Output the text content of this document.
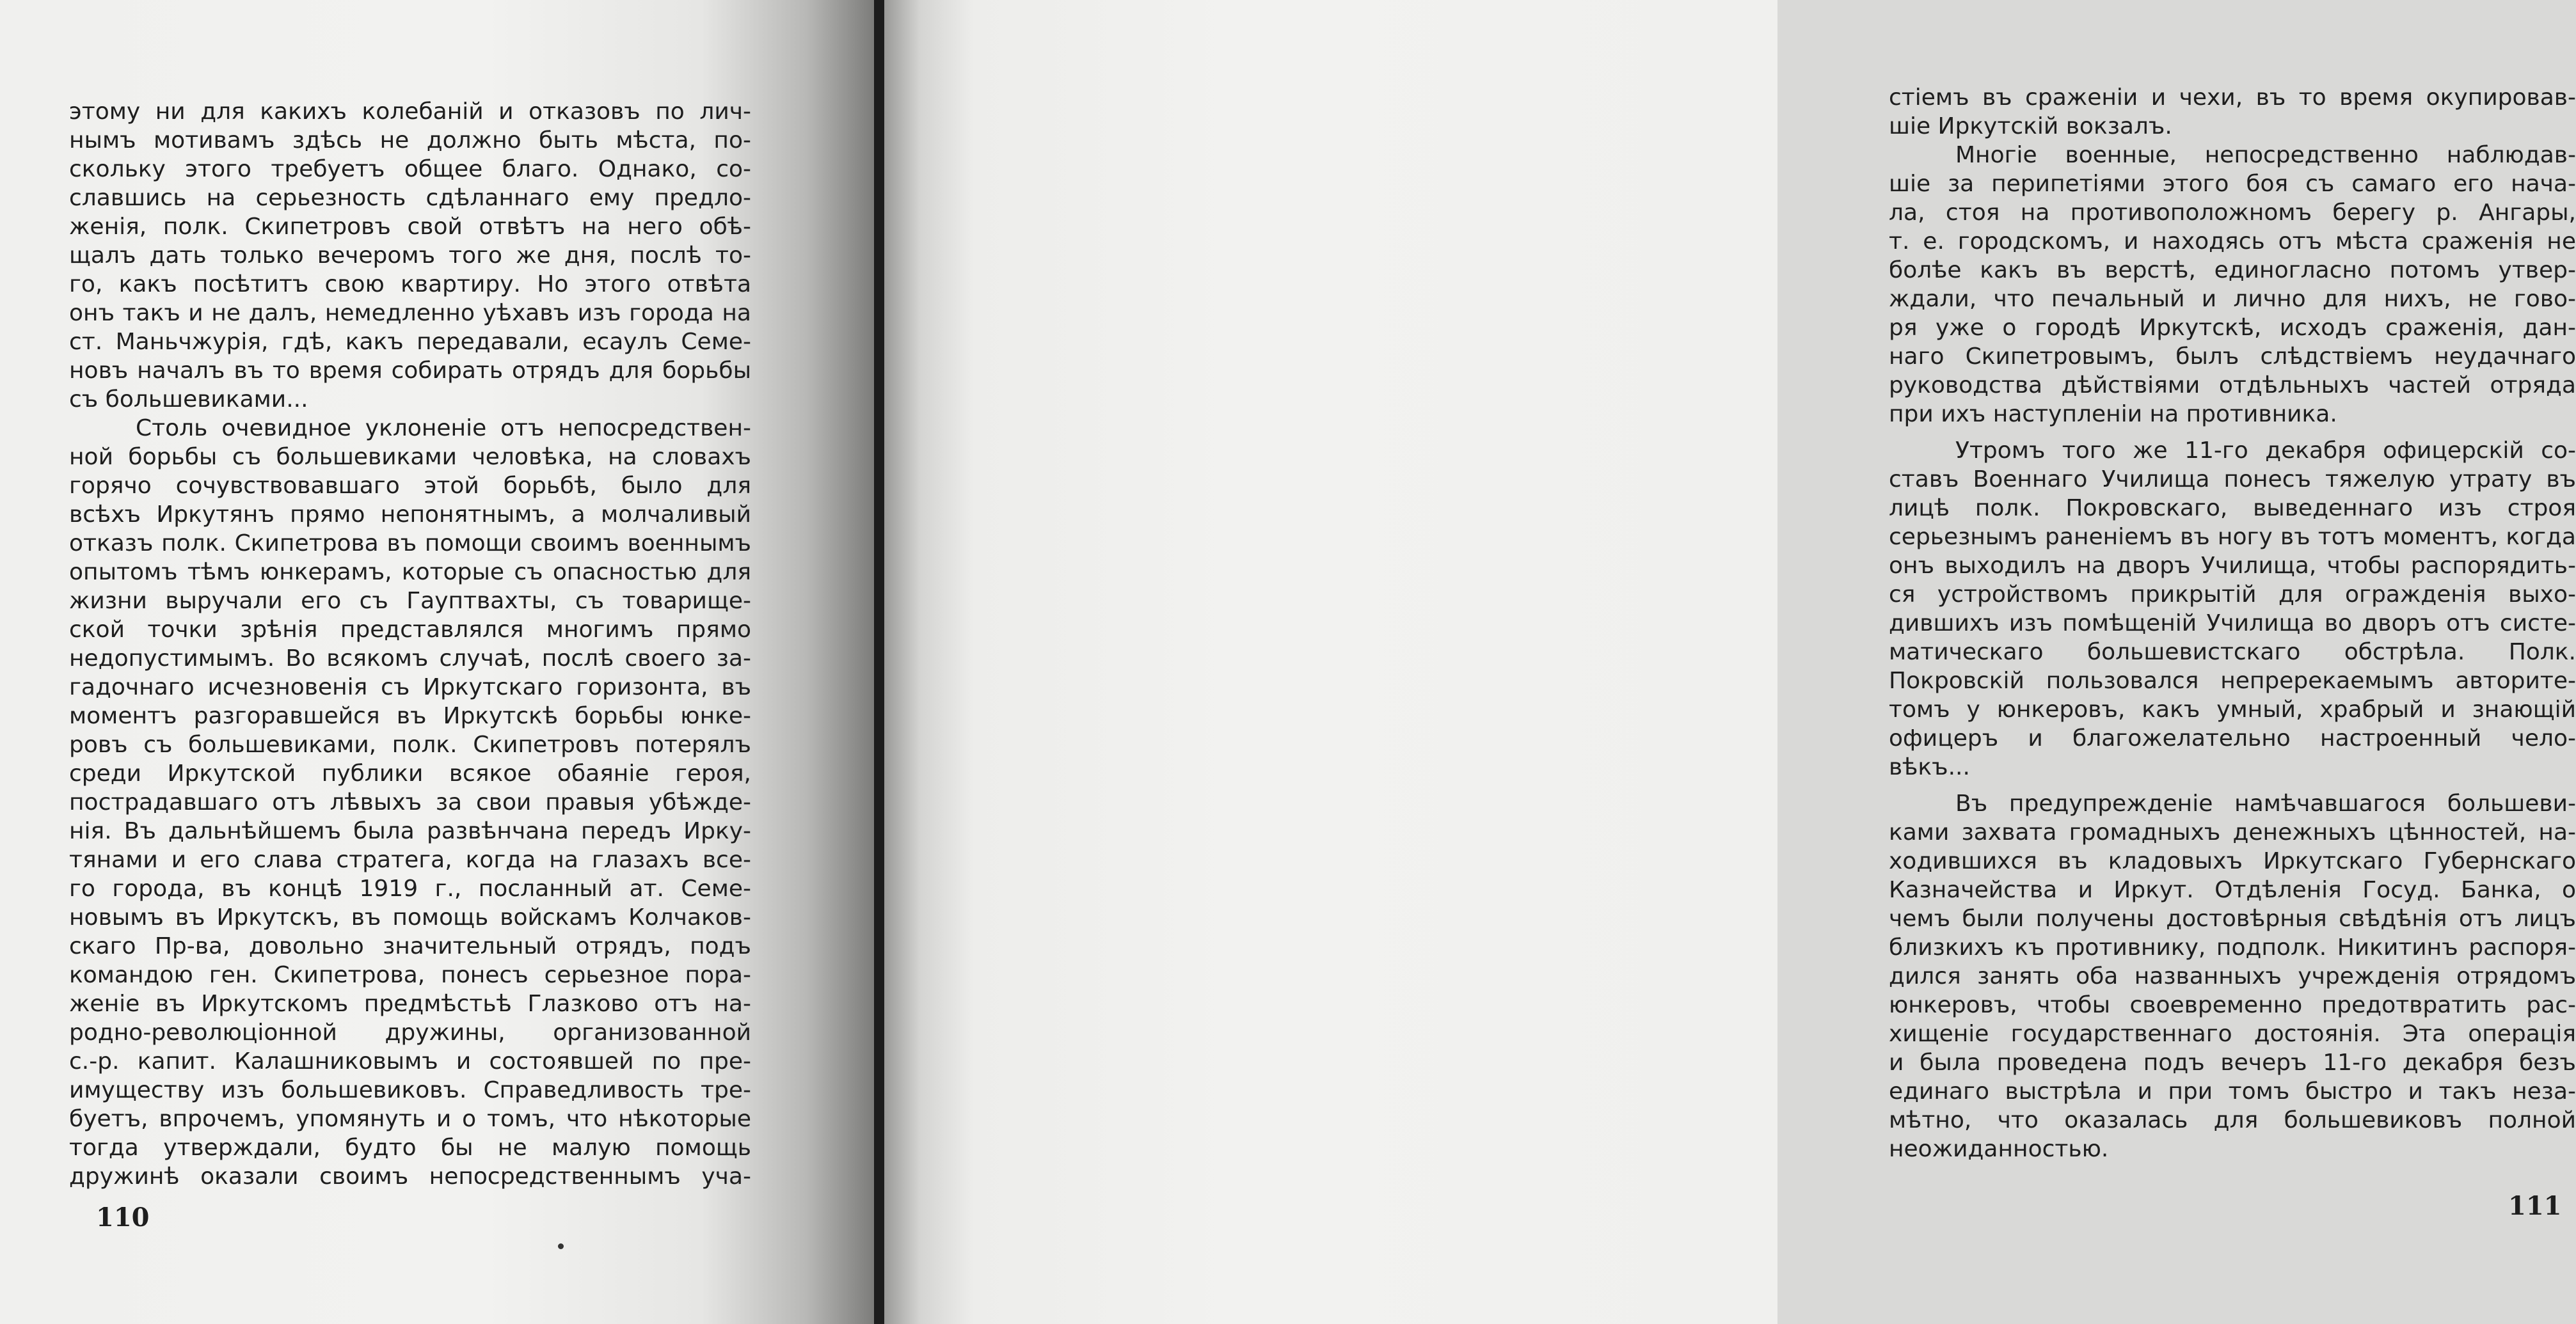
этому ни для какихъ колебаній и отказовъ по лич-
нымъ мотивамъ здѣсь не должно быть мѣста, по-
скольку этого требуетъ общее благо. Однако, со-
славшись на серьезность сдѣланнаго ему предло-
женія, полк. Скипетровъ свой отвѣтъ на него обѣ-
щалъ дать только вечеромъ того же дня, послѣ то-
го, какъ посѣтитъ свою квартиру. Но этого отвѣта
онъ такъ и не далъ, немедленно уѣхавъ изъ города на
ст. Маньчжурія, гдѣ, какъ передавали, есаулъ Семе-
новъ началъ въ то время собирать отрядъ для борьбы
съ большевиками...
Столь очевидное уклоненіе отъ непосредствен-
ной борьбы съ большевиками человѣка, на словахъ
горячо сочувствовавшаго этой борьбѣ, было для
всѣхъ Иркутянъ прямо непонятнымъ, а молчаливый
отказъ полк. Скипетрова въ помощи своимъ военнымъ
опытомъ тѣмъ юнкерамъ, которые съ опасностью для
жизни выручали его съ Гауптвахты, съ товарище-
ской точки зрѣнія представлялся многимъ прямо
недопустимымъ. Во всякомъ случаѣ, послѣ своего за-
гадочнаго исчезновенія съ Иркутскаго горизонта, въ
моментъ разгоравшейся въ Иркутскѣ борьбы юнке-
ровъ съ большевиками, полк. Скипетровъ потерялъ
среди Иркутской публики всякое обаяніе героя,
пострадавшаго отъ лѣвыхъ за свои правыя убѣжде-
нія. Въ дальнѣйшемъ была развѣнчана передъ Ирку-
тянами и его слава стратега, когда на глазахъ все-
го города, въ концѣ 1919 г., посланный ат. Семе-
новымъ въ Иркутскъ, въ помощь войскамъ Колчаков-
скаго Пр-ва, довольно значительный отрядъ, подъ
командою ген. Скипетрова, понесъ серьезное пора-
женіе въ Иркутскомъ предмѣстьѣ Глазково отъ на-
родно-революціонной дружины, организованной
с.-р. капит. Калашниковымъ и состоявшей по пре-
имуществу изъ большевиковъ. Справедливость тре-
буетъ, впрочемъ, упомянуть и о томъ, что нѣкоторые
тогда утверждали, будто бы не малую помощь
дружинѣ оказали своимъ непосредственнымъ уча-
110
стіемъ въ сраженіи и чехи, въ то время окупировав-
шіе Иркутскій вокзалъ.
Многіе военные, непосредственно наблюдав-
шіе за перипетіями этого боя съ самаго его нача-
ла, стоя на противоположномъ берегу р. Ангары,
т. е. городскомъ, и находясь отъ мѣста сраженія не
болѣе какъ въ верстѣ, единогласно потомъ утвер-
ждали, что печальный и лично для нихъ, не гово-
ря уже о городѣ Иркутскѣ, исходъ сраженія, дан-
наго Скипетровымъ, былъ слѣдствіемъ неудачнаго
руководства дѣйствіями отдѣльныхъ частей отряда
при ихъ наступленіи на противника.
Утромъ того же 11-го декабря офицерскій со-
ставъ Военнаго Училища понесъ тяжелую утрату въ
лицѣ полк. Покровскаго, выведеннаго изъ строя
серьезнымъ раненіемъ въ ногу въ тотъ моментъ, когда
онъ выходилъ на дворъ Училища, чтобы распорядить-
ся устройствомъ прикрытій для огражденія выхо-
дившихъ изъ помѣщеній Училища во дворъ отъ систе-
матическаго большевистскаго обстрѣла. Полк.
Покровскій пользовался непререкаемымъ авторите-
томъ у юнкеровъ, какъ умный, храбрый и знающій
офицеръ и благожелательно настроенный чело-
вѣкъ...
Въ предупрежденіе намѣчавшагося большеви-
ками захвата громадныхъ денежныхъ цѣнностей, на-
ходившихся въ кладовыхъ Иркутскаго Губернскаго
Казначейства и Иркут. Отдѣленія Госуд. Банка, о
чемъ были получены достовѣрныя свѣдѣнія отъ лицъ
близкихъ къ противнику, подполк. Никитинъ распоря-
дился занять оба названныхъ учрежденія отрядомъ
юнкеровъ, чтобы своевременно предотвратить рас-
хищеніе государственнаго достоянія. Эта операція
и была проведена подъ вечеръ 11-го декабря безъ
единаго выстрѣла и при томъ быстро и такъ неза-
мѣтно, что оказалась для большевиковъ полной
неожиданностью.
111
